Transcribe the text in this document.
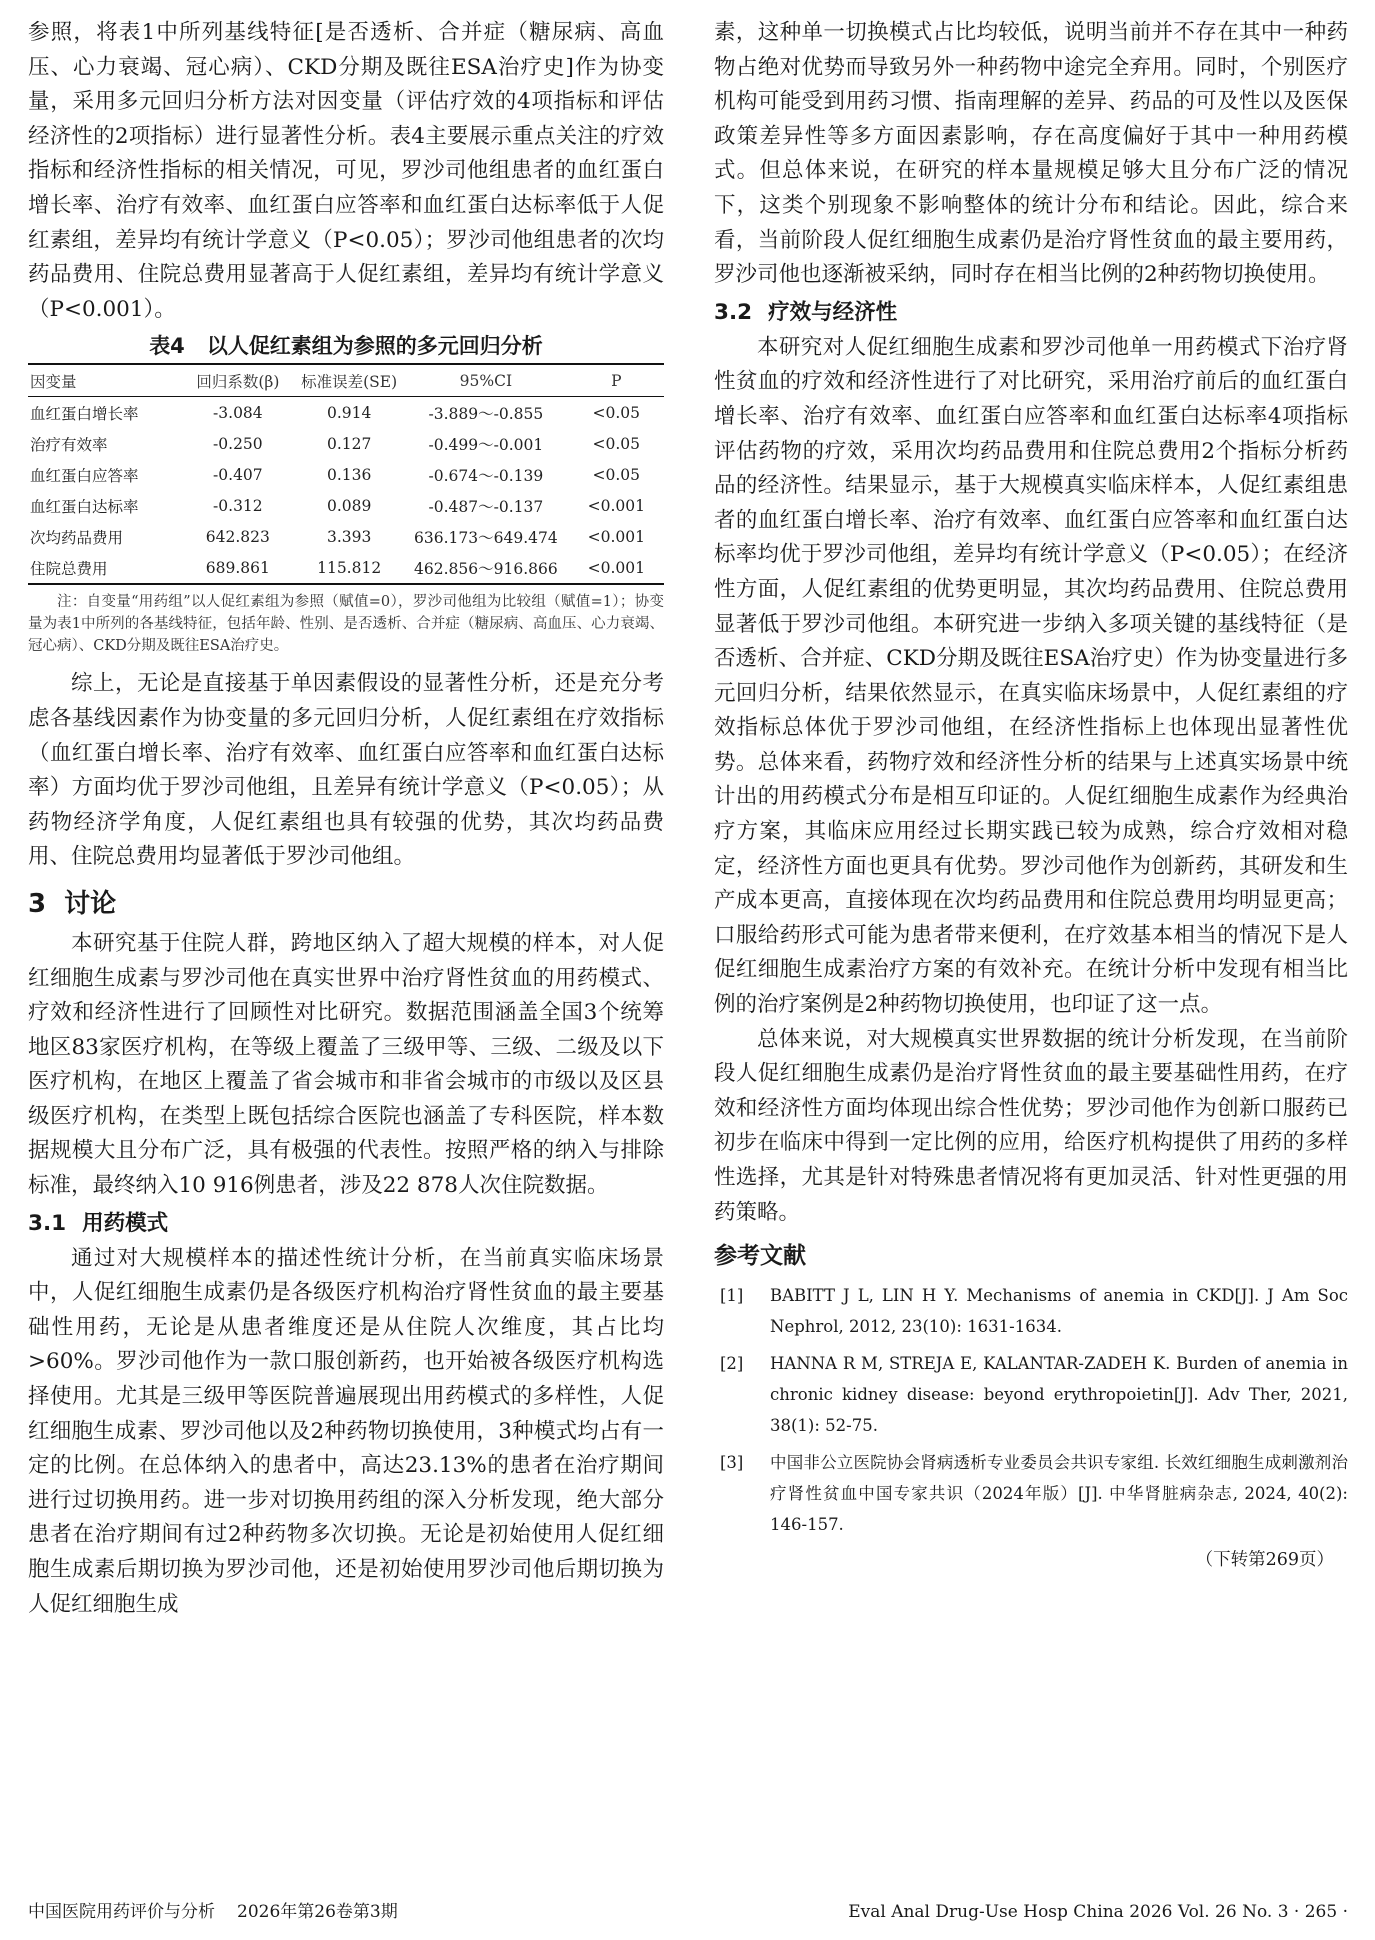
参照，将表1中所列基线特征[是否透析、合并症（糖尿病、高血压、心力衰竭、冠心病）、CKD分期及既往ESA治疗史]作为协变量，采用多元回归分析方法对因变量（评估疗效的4项指标和评估经济性的2项指标）进行显著性分析。表4主要展示重点关注的疗效指标和经济性指标的相关情况，可见，罗沙司他组患者的血红蛋白增长率、治疗有效率、血红蛋白应答率和血红蛋白达标率低于人促红素组，差异均有统计学意义（P<0.05）；罗沙司他组患者的次均药品费用、住院总费用显著高于人促红素组，差异均有统计学意义（P<0.001）。

表4 以人促红素组为参照的多元回归分析
因变量	回归系数(β)	标准误差(SE)	95%CI	P
血红蛋白增长率	-3.084	0.914	-3.889～-0.855	<0.05
治疗有效率	-0.250	0.127	-0.499～-0.001	<0.05
血红蛋白应答率	-0.407	0.136	-0.674～-0.139	<0.05
血红蛋白达标率	-0.312	0.089	-0.487～-0.137	<0.001
次均药品费用	642.823	3.393	636.173～649.474	<0.001
住院总费用	689.861	115.812	462.856～916.866	<0.001
注：自变量“用药组”以人促红素组为参照（赋值=0），罗沙司他组为比较组（赋值=1）；协变量为表1中所列的各基线特征，包括年龄、性别、是否透析、合并症（糖尿病、高血压、心力衰竭、冠心病）、CKD分期及既往ESA治疗史。

综上，无论是直接基于单因素假设的显著性分析，还是充分考虑各基线因素作为协变量的多元回归分析，人促红素组在疗效指标（血红蛋白增长率、治疗有效率、血红蛋白应答率和血红蛋白达标率）方面均优于罗沙司他组，且差异有统计学意义（P<0.05）；从药物经济学角度，人促红素组也具有较强的优势，其次均药品费用、住院总费用均显著低于罗沙司他组。

3 讨论

本研究基于住院人群，跨地区纳入了超大规模的样本，对人促红细胞生成素与罗沙司他在真实世界中治疗肾性贫血的用药模式、疗效和经济性进行了回顾性对比研究。数据范围涵盖全国3个统筹地区83家医疗机构，在等级上覆盖了三级甲等、三级、二级及以下医疗机构，在地区上覆盖了省会城市和非省会城市的市级以及区县级医疗机构，在类型上既包括综合医院也涵盖了专科医院，样本数据规模大且分布广泛，具有极强的代表性。按照严格的纳入与排除标准，最终纳入10 916例患者，涉及22 878人次住院数据。

3.1 用药模式

通过对大规模样本的描述性统计分析，在当前真实临床场景中，人促红细胞生成素仍是各级医疗机构治疗肾性贫血的最主要基础性用药，无论是从患者维度还是从住院人次维度，其占比均>60%。罗沙司他作为一款口服创新药，也开始被各级医疗机构选择使用。尤其是三级甲等医院普遍展现出用药模式的多样性，人促红细胞生成素、罗沙司他以及2种药物切换使用，3种模式均占有一定的比例。在总体纳入的患者中，高达23.13%的患者在治疗期间进行过切换用药。进一步对切换用药组的深入分析发现，绝大部分患者在治疗期间有过2种药物多次切换。无论是初始使用人促红细胞生成素后期切换为罗沙司他，还是初始使用罗沙司他后期切换为人促红细胞生成

素，这种单一切换模式占比均较低，说明当前并不存在其中一种药物占绝对优势而导致另外一种药物中途完全弃用。同时，个别医疗机构可能受到用药习惯、指南理解的差异、药品的可及性以及医保政策差异性等多方面因素影响，存在高度偏好于其中一种用药模式。但总体来说，在研究的样本量规模足够大且分布广泛的情况下，这类个别现象不影响整体的统计分布和结论。因此，综合来看，当前阶段人促红细胞生成素仍是治疗肾性贫血的最主要用药，罗沙司他也逐渐被采纳，同时存在相当比例的2种药物切换使用。

3.2 疗效与经济性

本研究对人促红细胞生成素和罗沙司他单一用药模式下治疗肾性贫血的疗效和经济性进行了对比研究，采用治疗前后的血红蛋白增长率、治疗有效率、血红蛋白应答率和血红蛋白达标率4项指标评估药物的疗效，采用次均药品费用和住院总费用2个指标分析药品的经济性。结果显示，基于大规模真实临床样本，人促红素组患者的血红蛋白增长率、治疗有效率、血红蛋白应答率和血红蛋白达标率均优于罗沙司他组，差异均有统计学意义（P<0.05）；在经济性方面，人促红素组的优势更明显，其次均药品费用、住院总费用显著低于罗沙司他组。本研究进一步纳入多项关键的基线特征（是否透析、合并症、CKD分期及既往ESA治疗史）作为协变量进行多元回归分析，结果依然显示，在真实临床场景中，人促红素组的疗效指标总体优于罗沙司他组，在经济性指标上也体现出显著性优势。总体来看，药物疗效和经济性分析的结果与上述真实场景中统计出的用药模式分布是相互印证的。人促红细胞生成素作为经典治疗方案，其临床应用经过长期实践已较为成熟，综合疗效相对稳定，经济性方面也更具有优势。罗沙司他作为创新药，其研发和生产成本更高，直接体现在次均药品费用和住院总费用均明显更高；口服给药形式可能为患者带来便利，在疗效基本相当的情况下是人促红细胞生成素治疗方案的有效补充。在统计分析中发现有相当比例的治疗案例是2种药物切换使用，也印证了这一点。

总体来说，对大规模真实世界数据的统计分析发现，在当前阶段人促红细胞生成素仍是治疗肾性贫血的最主要基础性用药，在疗效和经济性方面均体现出综合性优势；罗沙司他作为创新口服药已初步在临床中得到一定比例的应用，给医疗机构提供了用药的多样性选择，尤其是针对特殊患者情况将有更加灵活、针对性更强的用药策略。

参考文献
[1]	BABITT J L, LIN H Y. Mechanisms of anemia in CKD[J]. J Am Soc Nephrol, 2012, 23(10): 1631-1634.
[2]	HANNA R M, STREJA E, KALANTAR-ZADEH K. Burden of anemia in chronic kidney disease: beyond erythropoietin[J]. Adv Ther, 2021, 38(1): 52-75.
[3]	中国非公立医院协会肾病透析专业委员会共识专家组. 长效红细胞生成刺激剂治疗肾性贫血中国专家共识（2024年版）[J]. 中华肾脏病杂志, 2024, 40(2): 146-157.
（下转第269页）
中国医院用药评价与分析 2026年第26卷第3期	Eval Anal Drug-Use Hosp China 2026 Vol. 26 No. 3 · 265 ·
